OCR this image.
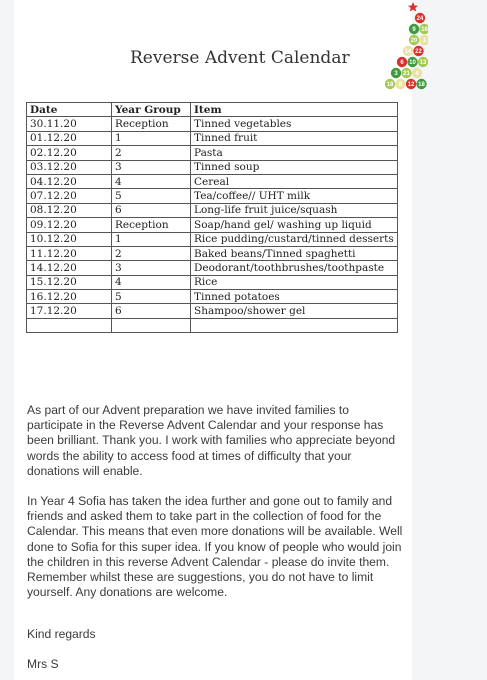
Reverse Advent Calendar
24
9 16
20 1
14 22
6 10 13
3 21 4
18 8 12 18
Date	Year Group	Item
30.11.20	Reception	Tinned vegetables
01.12.20	1	Tinned fruit
02.12.20	2	Pasta
03.12.20	3	Tinned soup
04.12.20	4	Cereal
07.12.20	5	Tea/coffee// UHT milk
08.12.20	6	Long-life fruit juice/squash
09.12.20	Reception	Soap/hand gel/ washing up liquid
10.12.20	1	Rice pudding/custard/tinned desserts
11.12.20	2	Baked beans/Tinned spaghetti
14.12.20	3	Deodorant/toothbrushes/toothpaste
15.12.20	4	Rice
16.12.20	5	Tinned potatoes
17.12.20	6	Shampoo/shower gel

As part of our Advent preparation we have invited families to participate in the Reverse Advent Calendar and your response has been brilliant. Thank you. I work with families who appreciate beyond words the ability to access food at times of difficulty that your donations will enable.

In Year 4 Sofia has taken the idea further and gone out to family and friends and asked them to take part in the collection of food for the Calendar. This means that even more donations will be available. Well done to Sofia for this super idea. If you know of people who would join the children in this reverse Advent Calendar - please do invite them. Remember whilst these are suggestions, you do not have to limit yourself. Any donations are welcome.

Kind regards

Mrs S
